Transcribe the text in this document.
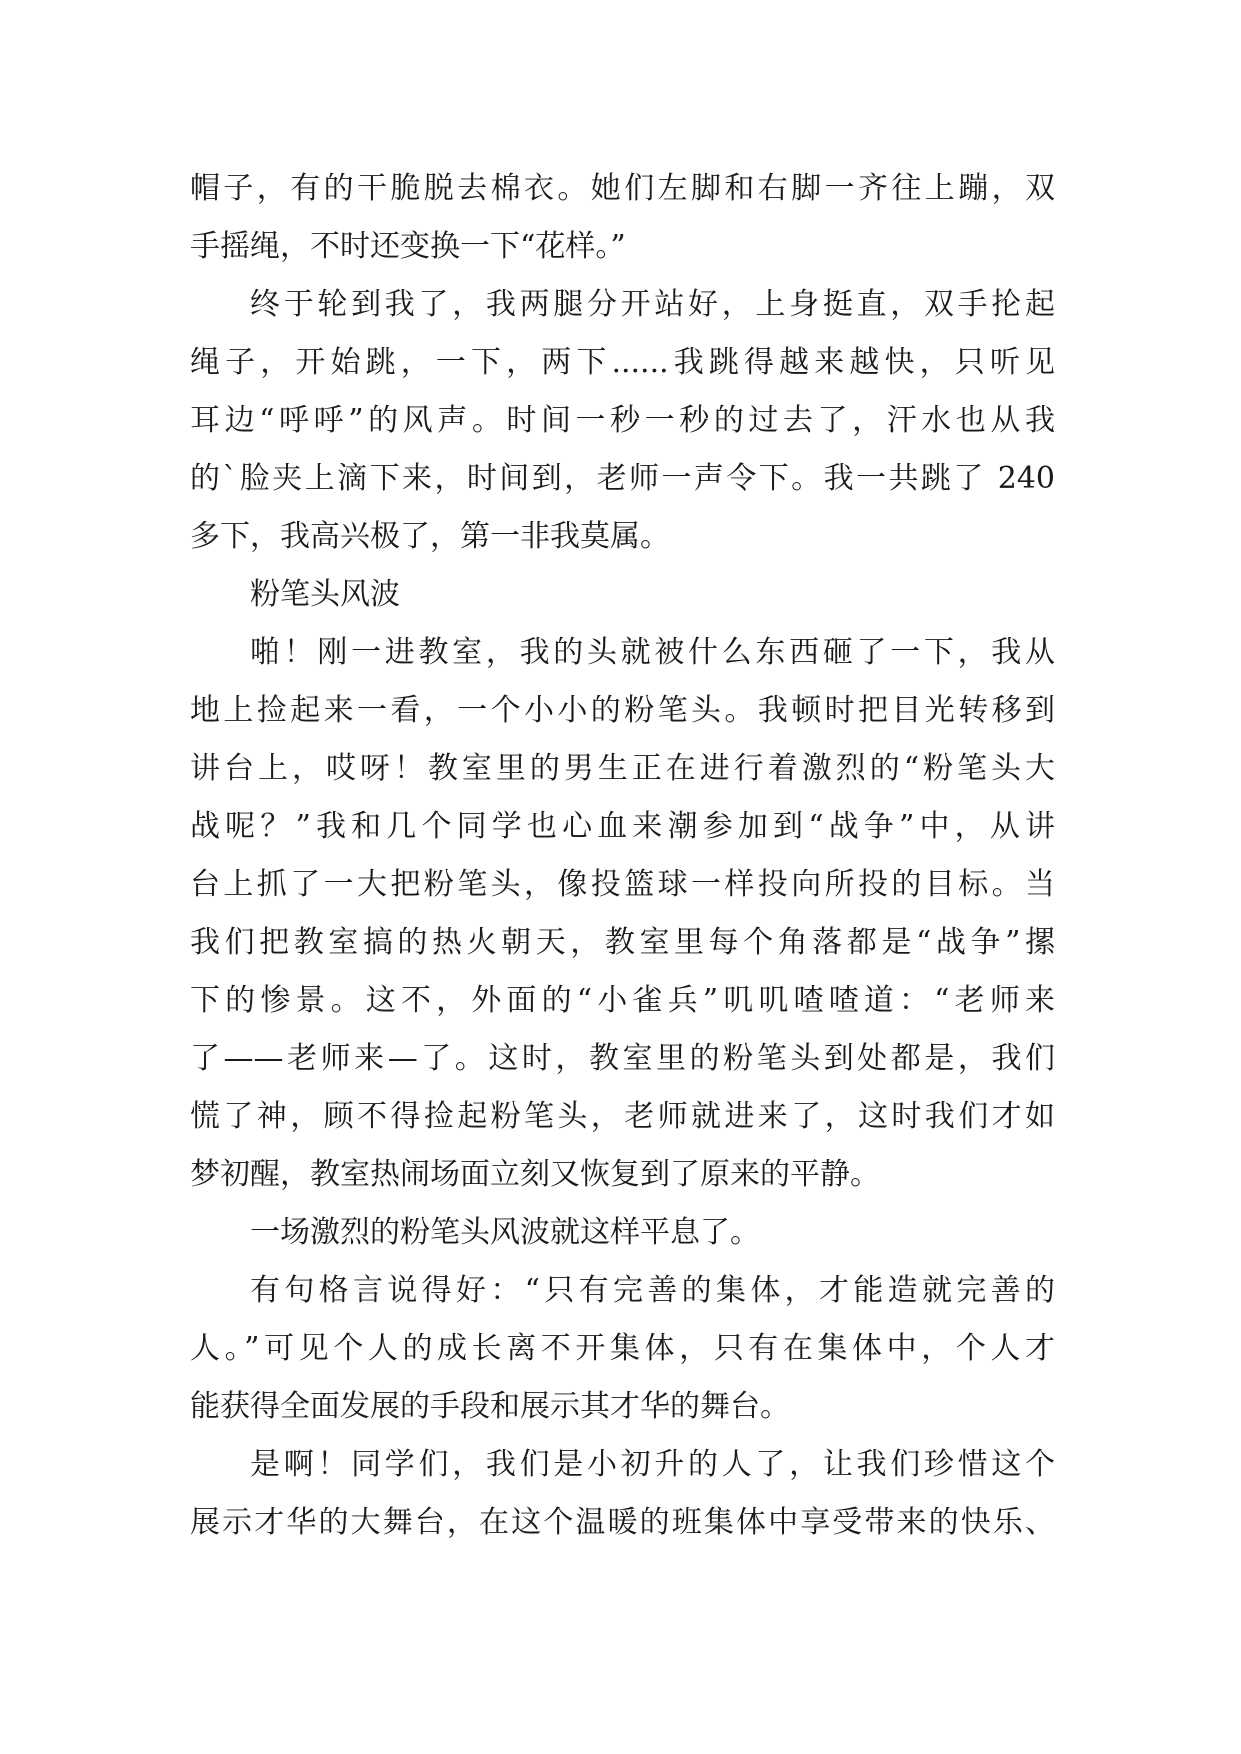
帽子，有的干脆脱去棉衣。她们左脚和右脚一齐往上蹦，双
手摇绳，不时还变换一下“花样。”
终于轮到我了，我两腿分开站好，上身挺直，双手抡起
绳子，开始跳，一下，两下......我跳得越来越快，只听见
耳边“呼呼”的风声。时间一秒一秒的过去了，汗水也从我
的`脸夹上滴下来，时间到，老师一声令下。我一共跳了 240
多下，我高兴极了，第一非我莫属。
粉笔头风波
啪！刚一进教室，我的头就被什么东西砸了一下，我从
地上捡起来一看，一个小小的粉笔头。我顿时把目光转移到
讲台上，哎呀！教室里的男生正在进行着激烈的“粉笔头大
战呢？”我和几个同学也心血来潮参加到“战争”中，从讲
台上抓了一大把粉笔头，像投篮球一样投向所投的目标。当
我们把教室搞的热火朝天，教室里每个角落都是“战争”摞
下的惨景。这不，外面的“小雀兵”叽叽喳喳道：“老师来
了——老师来—了。这时，教室里的粉笔头到处都是，我们
慌了神，顾不得捡起粉笔头，老师就进来了，这时我们才如
梦初醒，教室热闹场面立刻又恢复到了原来的平静。
一场激烈的粉笔头风波就这样平息了。
有句格言说得好：“只有完善的集体，才能造就完善的
人。”可见个人的成长离不开集体，只有在集体中，个人才
能获得全面发展的手段和展示其才华的舞台。
是啊！同学们，我们是小初升的人了，让我们珍惜这个
展示才华的大舞台，在这个温暖的班集体中享受带来的快乐、
